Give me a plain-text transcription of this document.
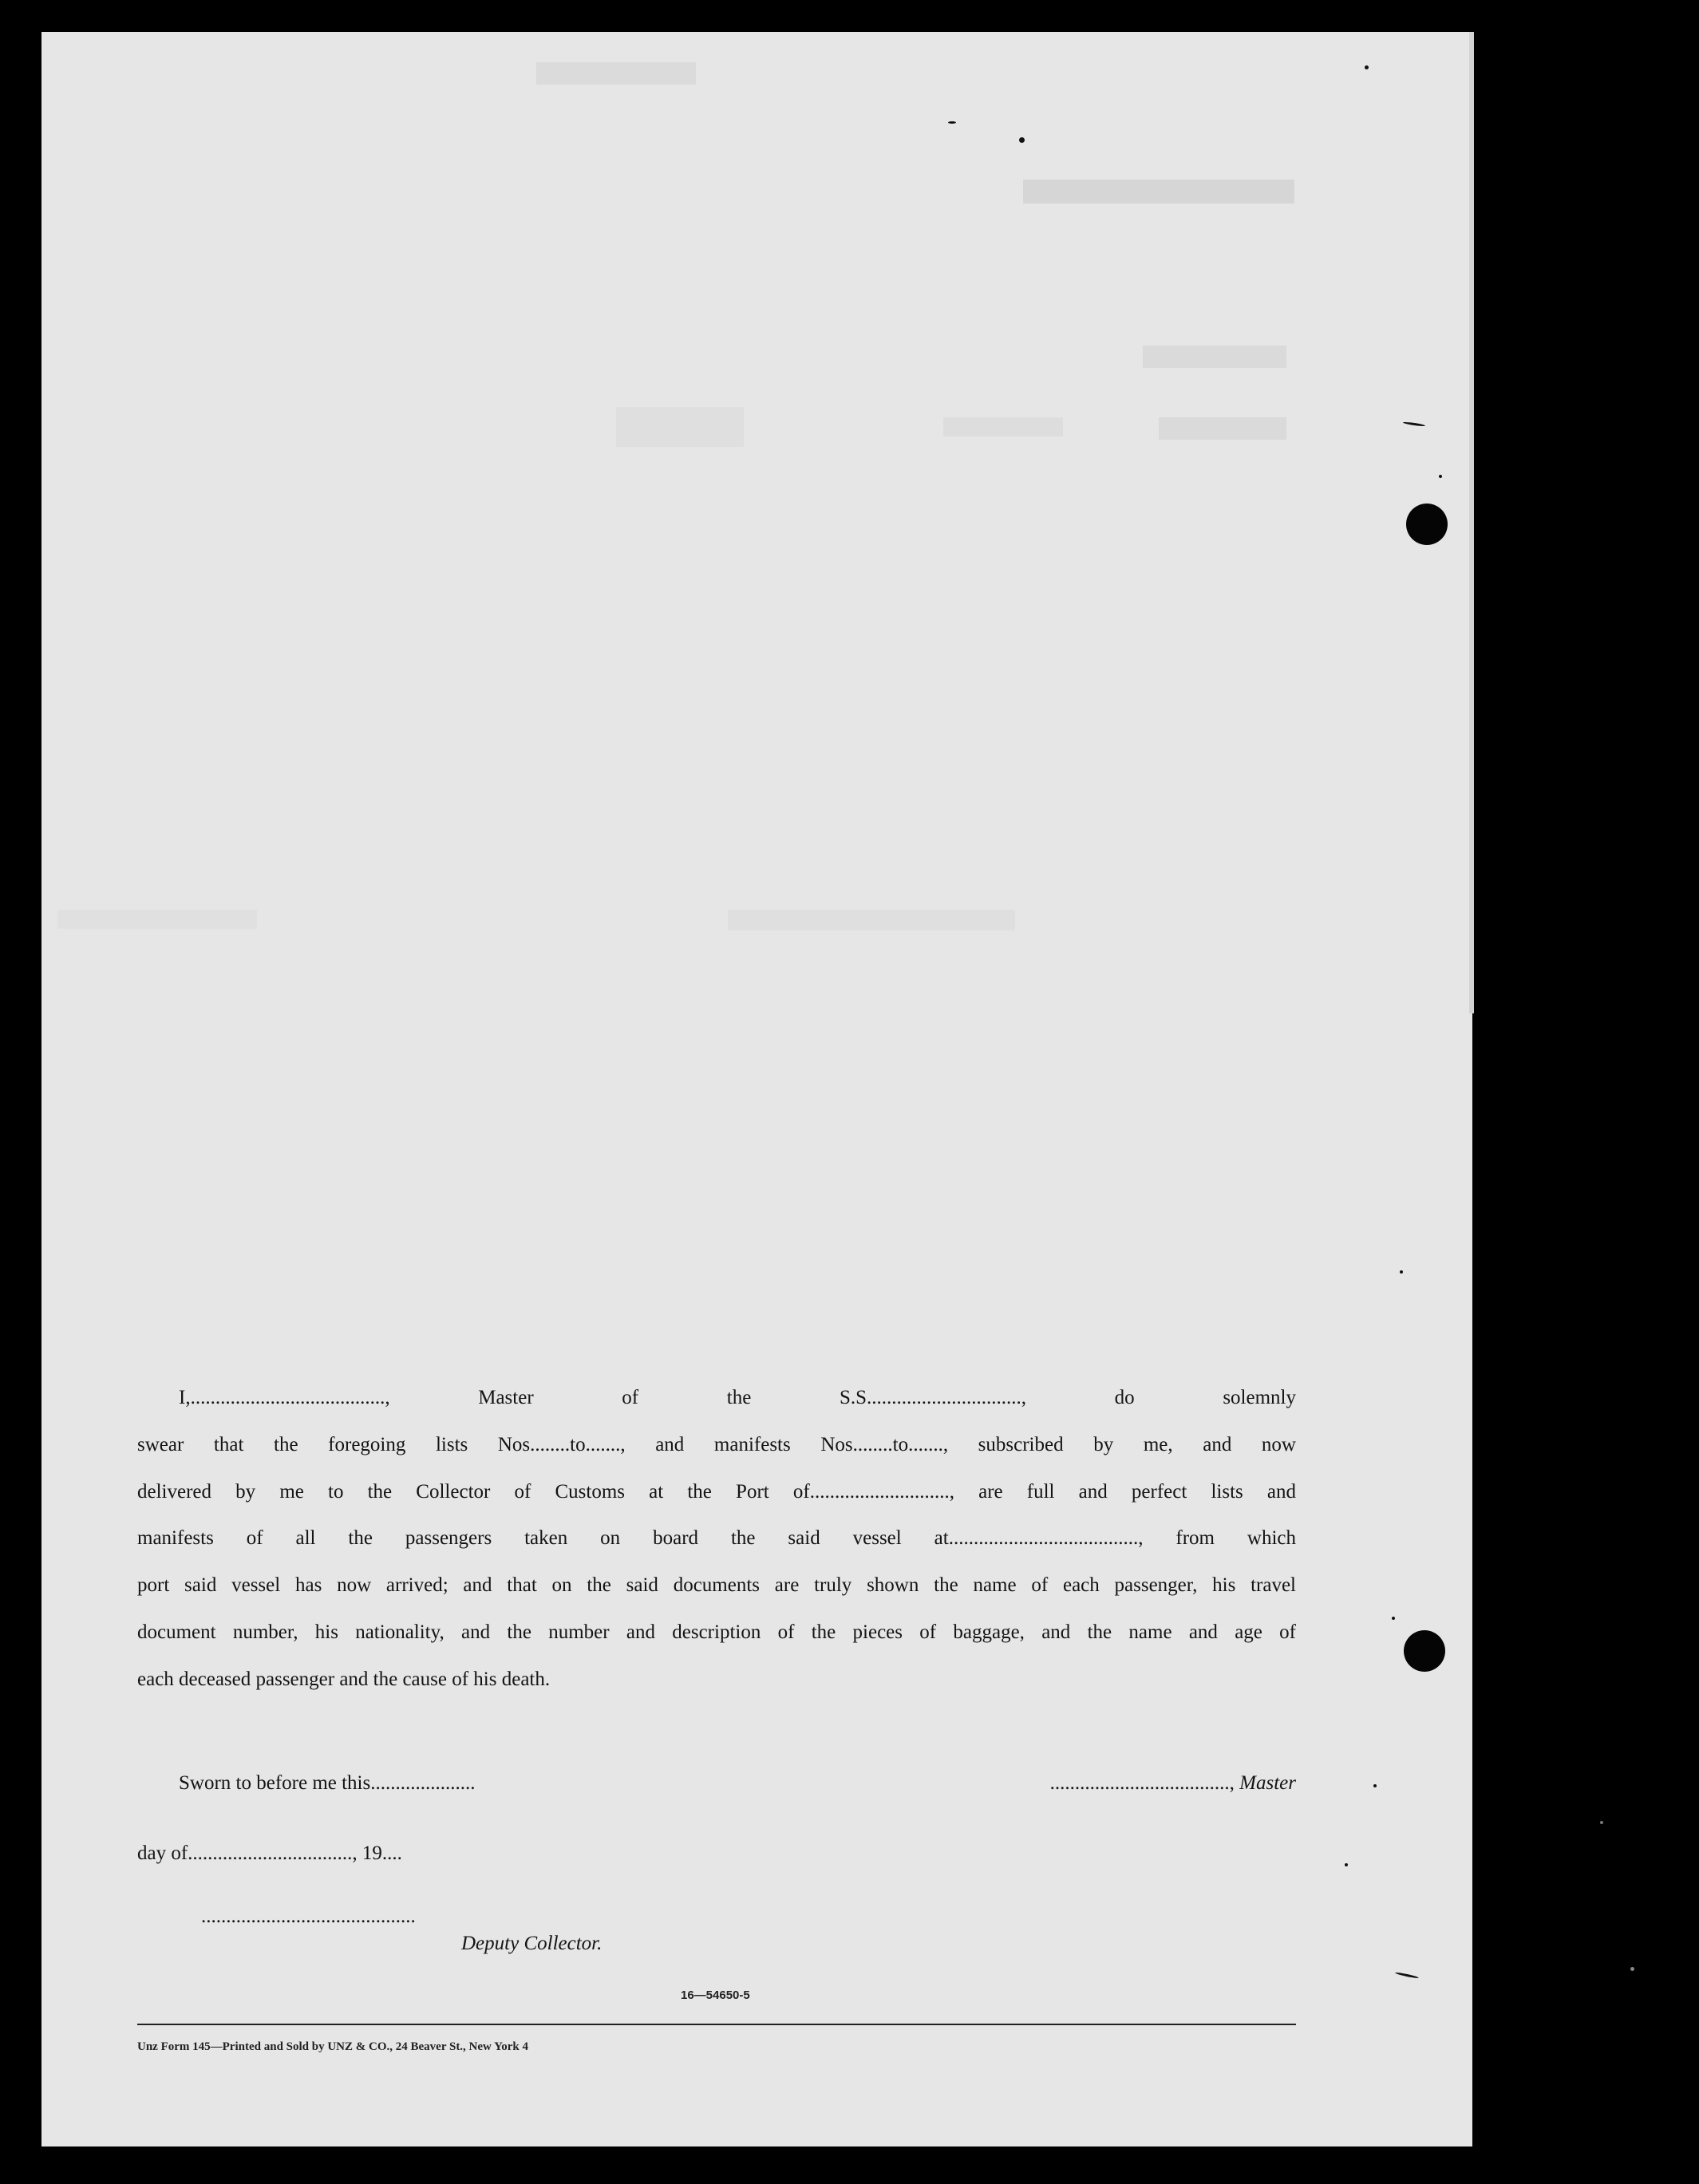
I,......................................., Master of the S.S..............................., do solemnly
swear that the foregoing lists Nos........to......., and manifests Nos........to......., subscribed by me, and now
delivered by me to the Collector of Customs at the Port of............................, are full and perfect lists and
manifests of all the passengers taken on board the said vessel at......................................, from which
port said vessel has now arrived; and that on the said documents are truly shown the name of each passenger, his travel
document number, his nationality, and the number and description of the pieces of baggage, and the name and age of
each deceased passenger and the cause of his death.
Sworn to before me this.....................	...................................., Master
day of................................., 19....
...........................................
Deputy Collector.
16—54650-5
Unz Form 145—Printed and Sold by UNZ & CO., 24 Beaver St., New York 4
